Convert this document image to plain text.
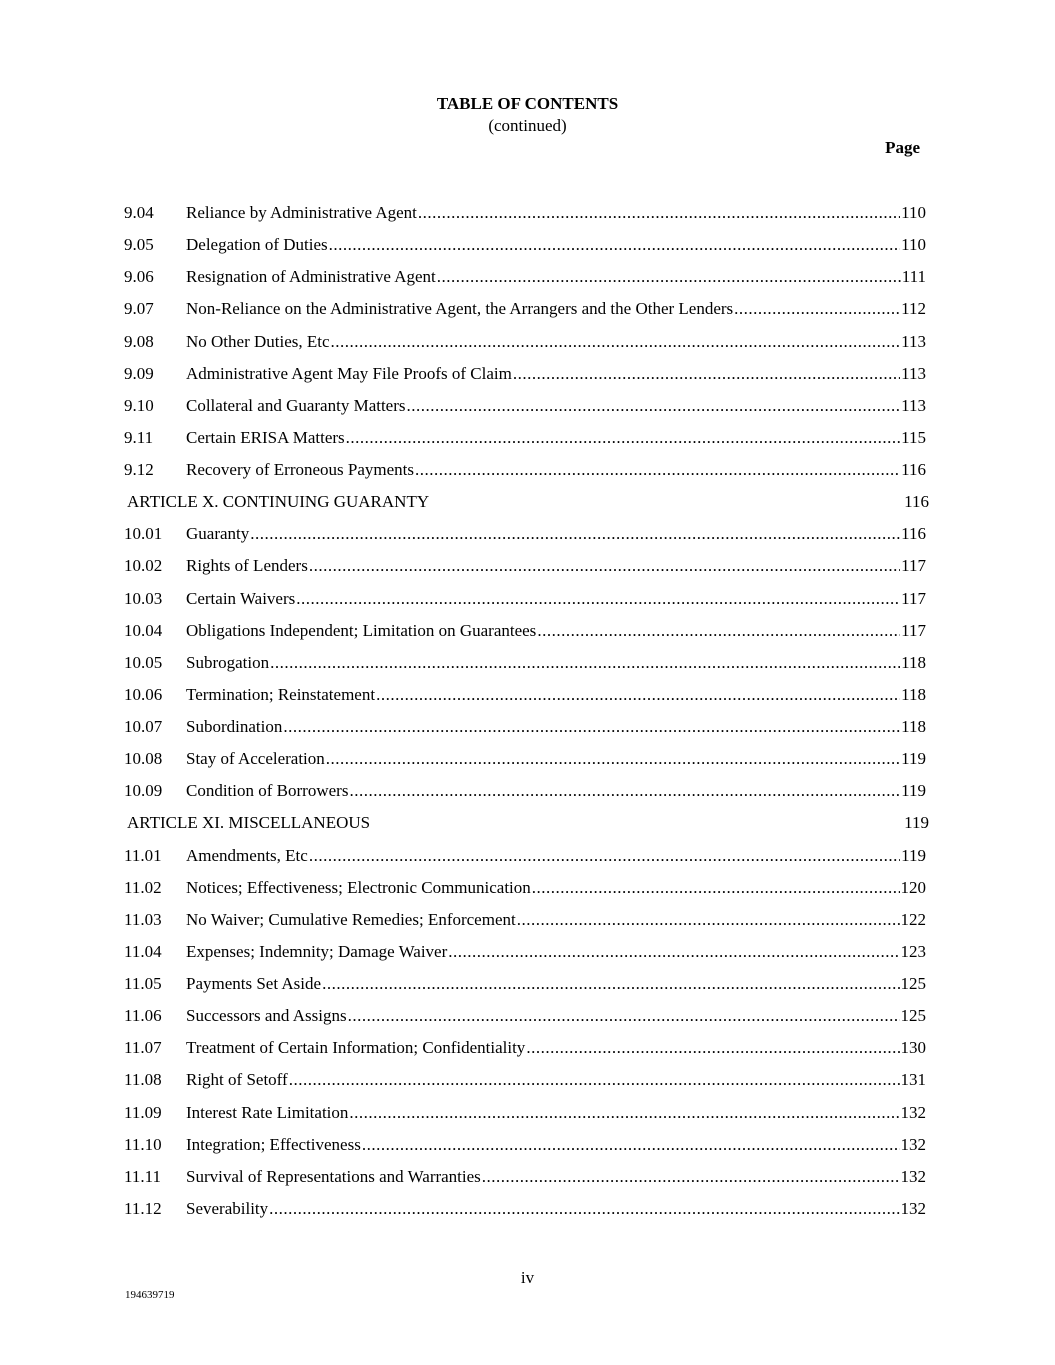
TABLE OF CONTENTS
(continued)
Page
9.04	Reliance by Administrative Agent .....	110
9.05	Delegation of Duties .....	110
9.06	Resignation of Administrative Agent .....	111
9.07	Non-Reliance on the Administrative Agent, the Arrangers and the Other Lenders .....	112
9.08	No Other Duties, Etc .....	113
9.09	Administrative Agent May File Proofs of Claim .....	113
9.10	Collateral and Guaranty Matters .....	113
9.11	Certain ERISA Matters .....	115
9.12	Recovery of Erroneous Payments .....	116
ARTICLE X. CONTINUING GUARANTY	116
10.01	Guaranty .....	116
10.02	Rights of Lenders .....	117
10.03	Certain Waivers .....	117
10.04	Obligations Independent; Limitation on Guarantees .....	117
10.05	Subrogation .....	118
10.06	Termination; Reinstatement .....	118
10.07	Subordination .....	118
10.08	Stay of Acceleration .....	119
10.09	Condition of Borrowers .....	119
ARTICLE XI. MISCELLANEOUS	119
11.01	Amendments, Etc .....	119
11.02	Notices; Effectiveness; Electronic Communication .....	120
11.03	No Waiver; Cumulative Remedies; Enforcement .....	122
11.04	Expenses; Indemnity; Damage Waiver .....	123
11.05	Payments Set Aside .....	125
11.06	Successors and Assigns .....	125
11.07	Treatment of Certain Information; Confidentiality .....	130
11.08	Right of Setoff .....	131
11.09	Interest Rate Limitation .....	132
11.10	Integration; Effectiveness .....	132
11.11	Survival of Representations and Warranties .....	132
11.12	Severability .....	132
iv
194639719
